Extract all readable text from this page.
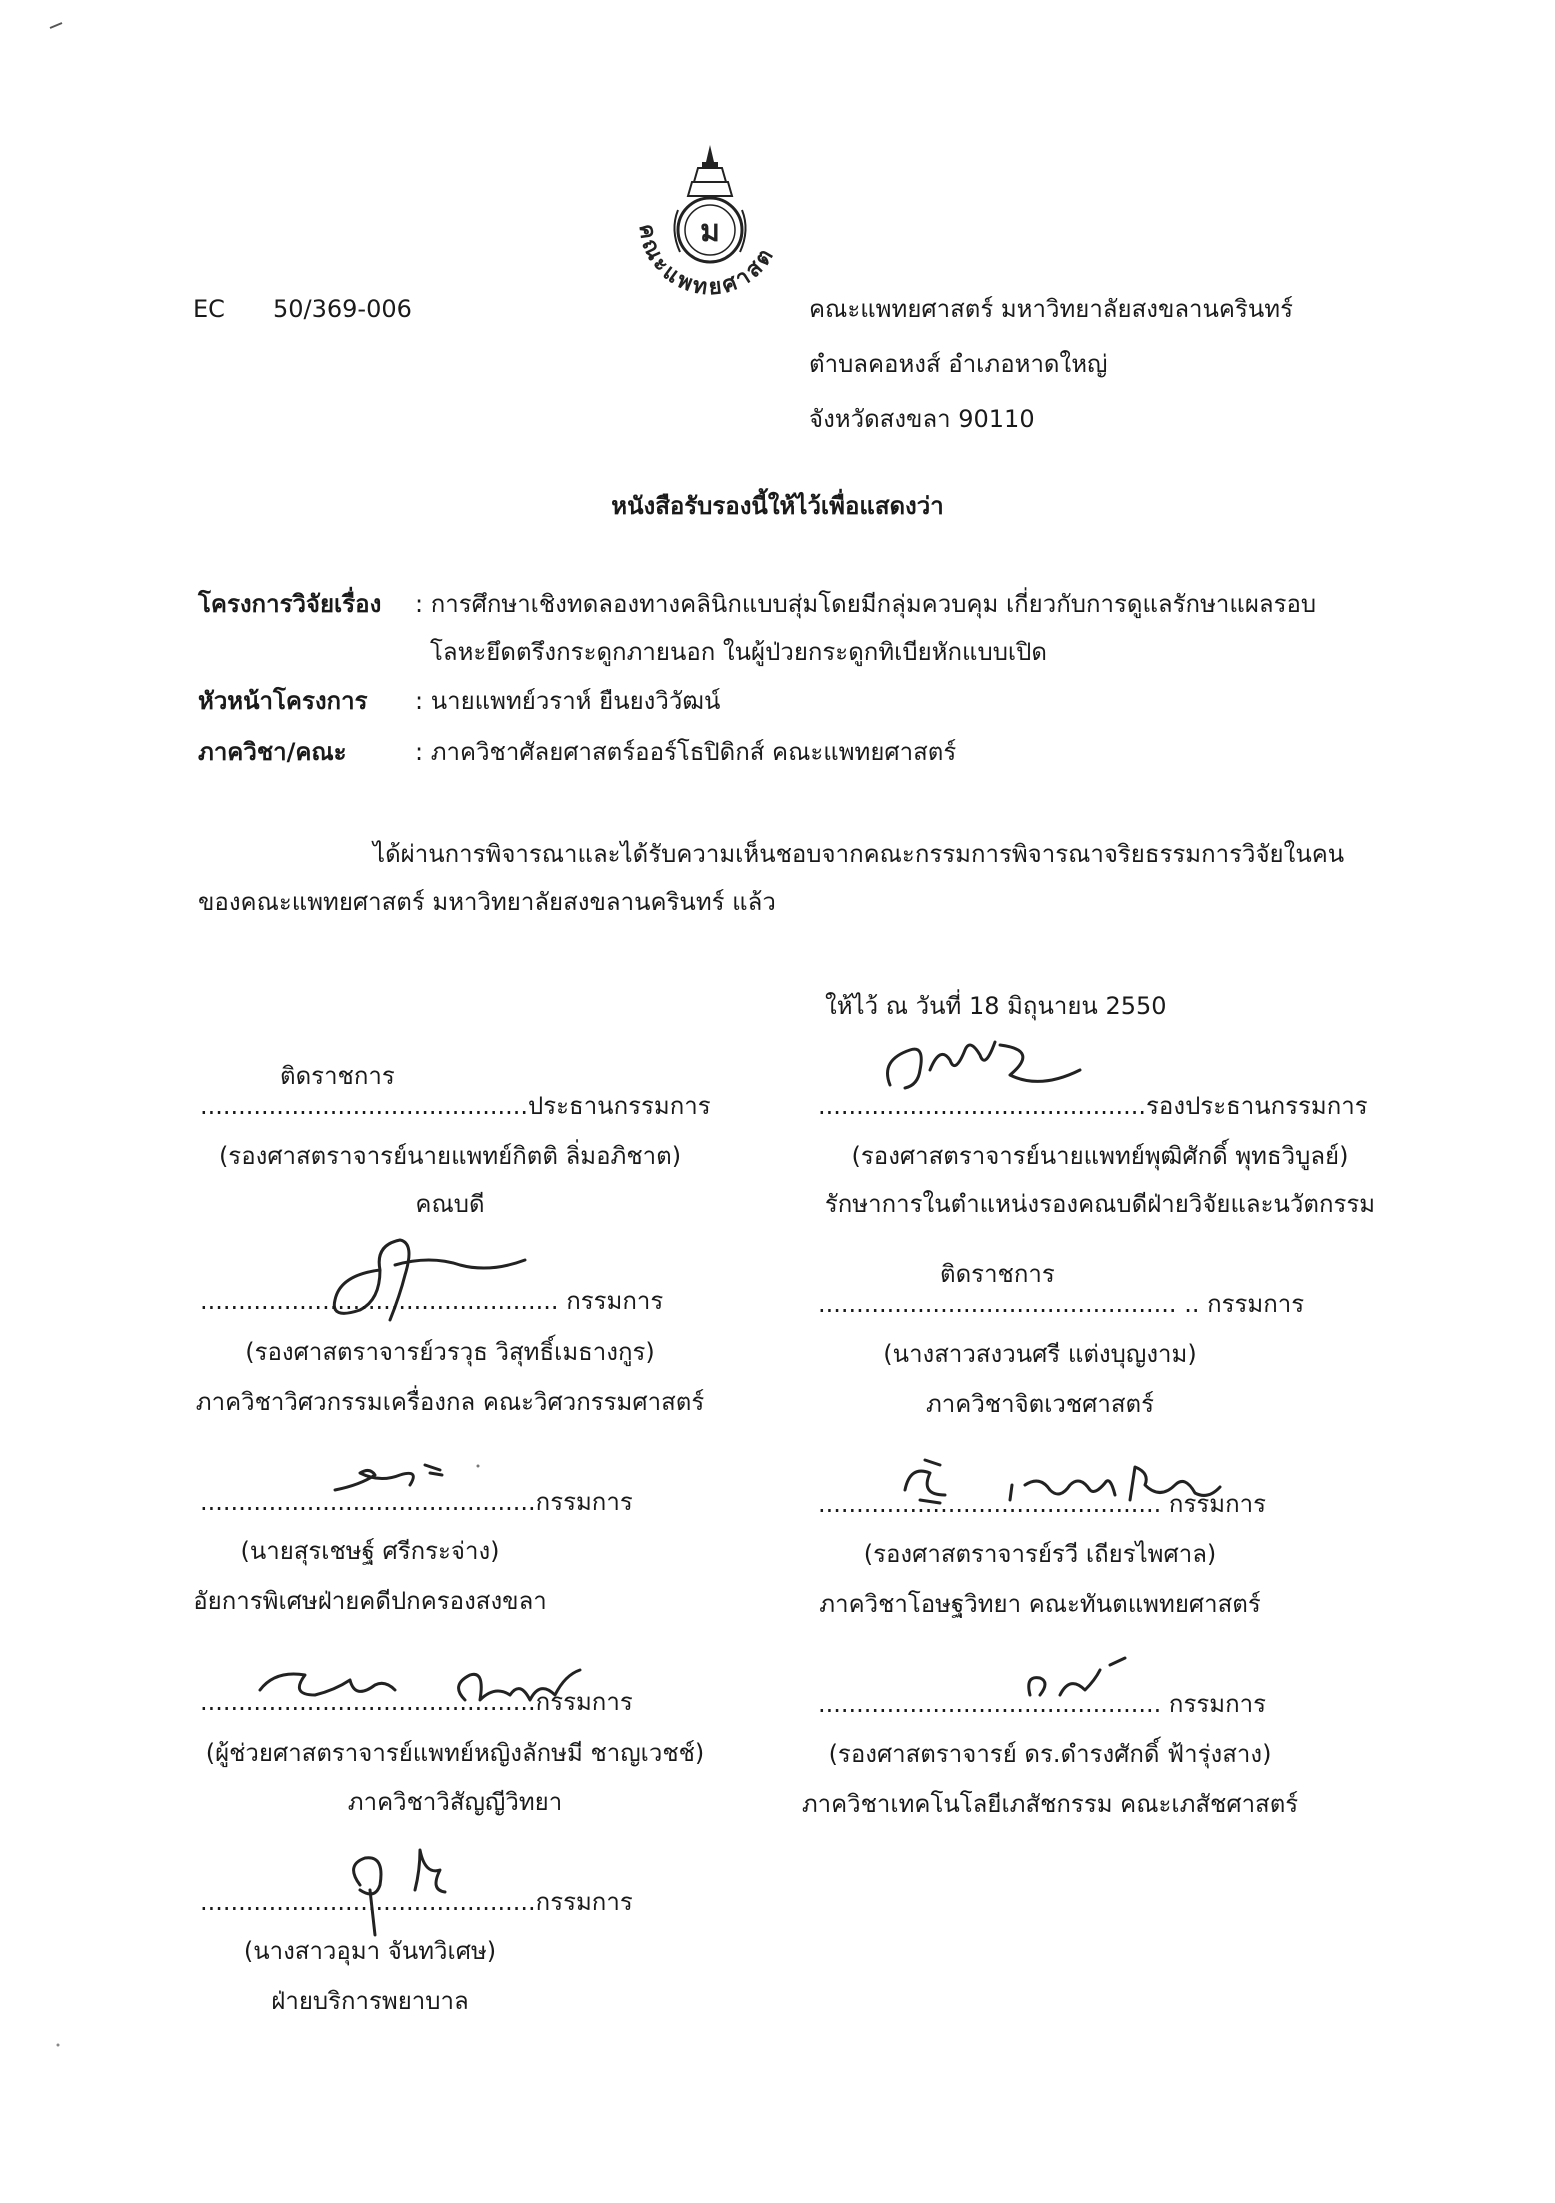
EC 50/369-006
ม
คณะแพทยศาสต
คณะแพทยศาสตร์ มหาวิทยาลัยสงขลานครินทร์
ตำบลคอหงส์ อำเภอหาดใหญ่
จังหวัดสงขลา 90110
หนังสือรับรองนี้ให้ไว้เพื่อแสดงว่า
โครงการวิจัยเรื่อง : การศึกษาเชิงทดลองทางคลินิกแบบสุ่มโดยมีกลุ่มควบคุม เกี่ยวกับการดูแลรักษาแผลรอบ
โลหะยึดตรึงกระดูกภายนอก ในผู้ป่วยกระดูกทิเบียหักแบบเปิด
หัวหน้าโครงการ : นายแพทย์วราห์ ยืนยงวิวัฒน์
ภาควิชา/คณะ	: ภาควิชาศัลยศาสตร์ออร์โธปิดิกส์ คณะแพทยศาสตร์
ได้ผ่านการพิจารณาและได้รับความเห็นชอบจากคณะกรรมการพิจารณาจริยธรรมการวิจัยในคน
ของคณะแพทยศาสตร์ มหาวิทยาลัยสงขลานครินทร์ แล้ว
ให้ไว้ ณ วันที่ 18 มิถุนายน 2550
ติดราชการ
...........................................ประธานกรรมการ
(รองศาสตราจารย์นายแพทย์กิตติ ลิ่มอภิชาต)
คณบดี
...........................................รองประธานกรรมการ
(รองศาสตราจารย์นายแพทย์พุฒิศักดิ์ พุทธวิบูลย์)
รักษาการในตำแหน่งรองคณบดีฝ่ายวิจัยและนวัตกรรม
............................................... กรรมการ
(รองศาสตราจารย์วรวุธ วิสุทธิ์เมธางกูร)
ภาควิชาวิศวกรรมเครื่องกล คณะวิศวกรรมศาสตร์
ติดราชการ
............................................... .. กรรมการ
(นางสาวสงวนศรี แต่งบุญงาม)
ภาควิชาจิตเวชศาสตร์
............................................กรรมการ
(นายสุรเชษฐ์ ศรีกระจ่าง)
อัยการพิเศษฝ่ายคดีปกครองสงขลา
............................................. กรรมการ
(รองศาสตราจารย์รวี เถียรไพศาล)
ภาควิชาโอษฐวิทยา คณะทันตแพทยศาสตร์
............................................กรรมการ
(ผู้ช่วยศาสตราจารย์แพทย์หญิงลักษมี ชาญเวชช์)
ภาควิชาวิสัญญีวิทยา
............................................. กรรมการ
(รองศาสตราจารย์ ดร.ดำรงศักดิ์ ฟ้ารุ่งสาง)
ภาควิชาเทคโนโลยีเภสัชกรรม คณะเภสัชศาสตร์
............................................กรรมการ
(นางสาวอุมา จันทวิเศษ)
ฝ่ายบริการพยาบาล
